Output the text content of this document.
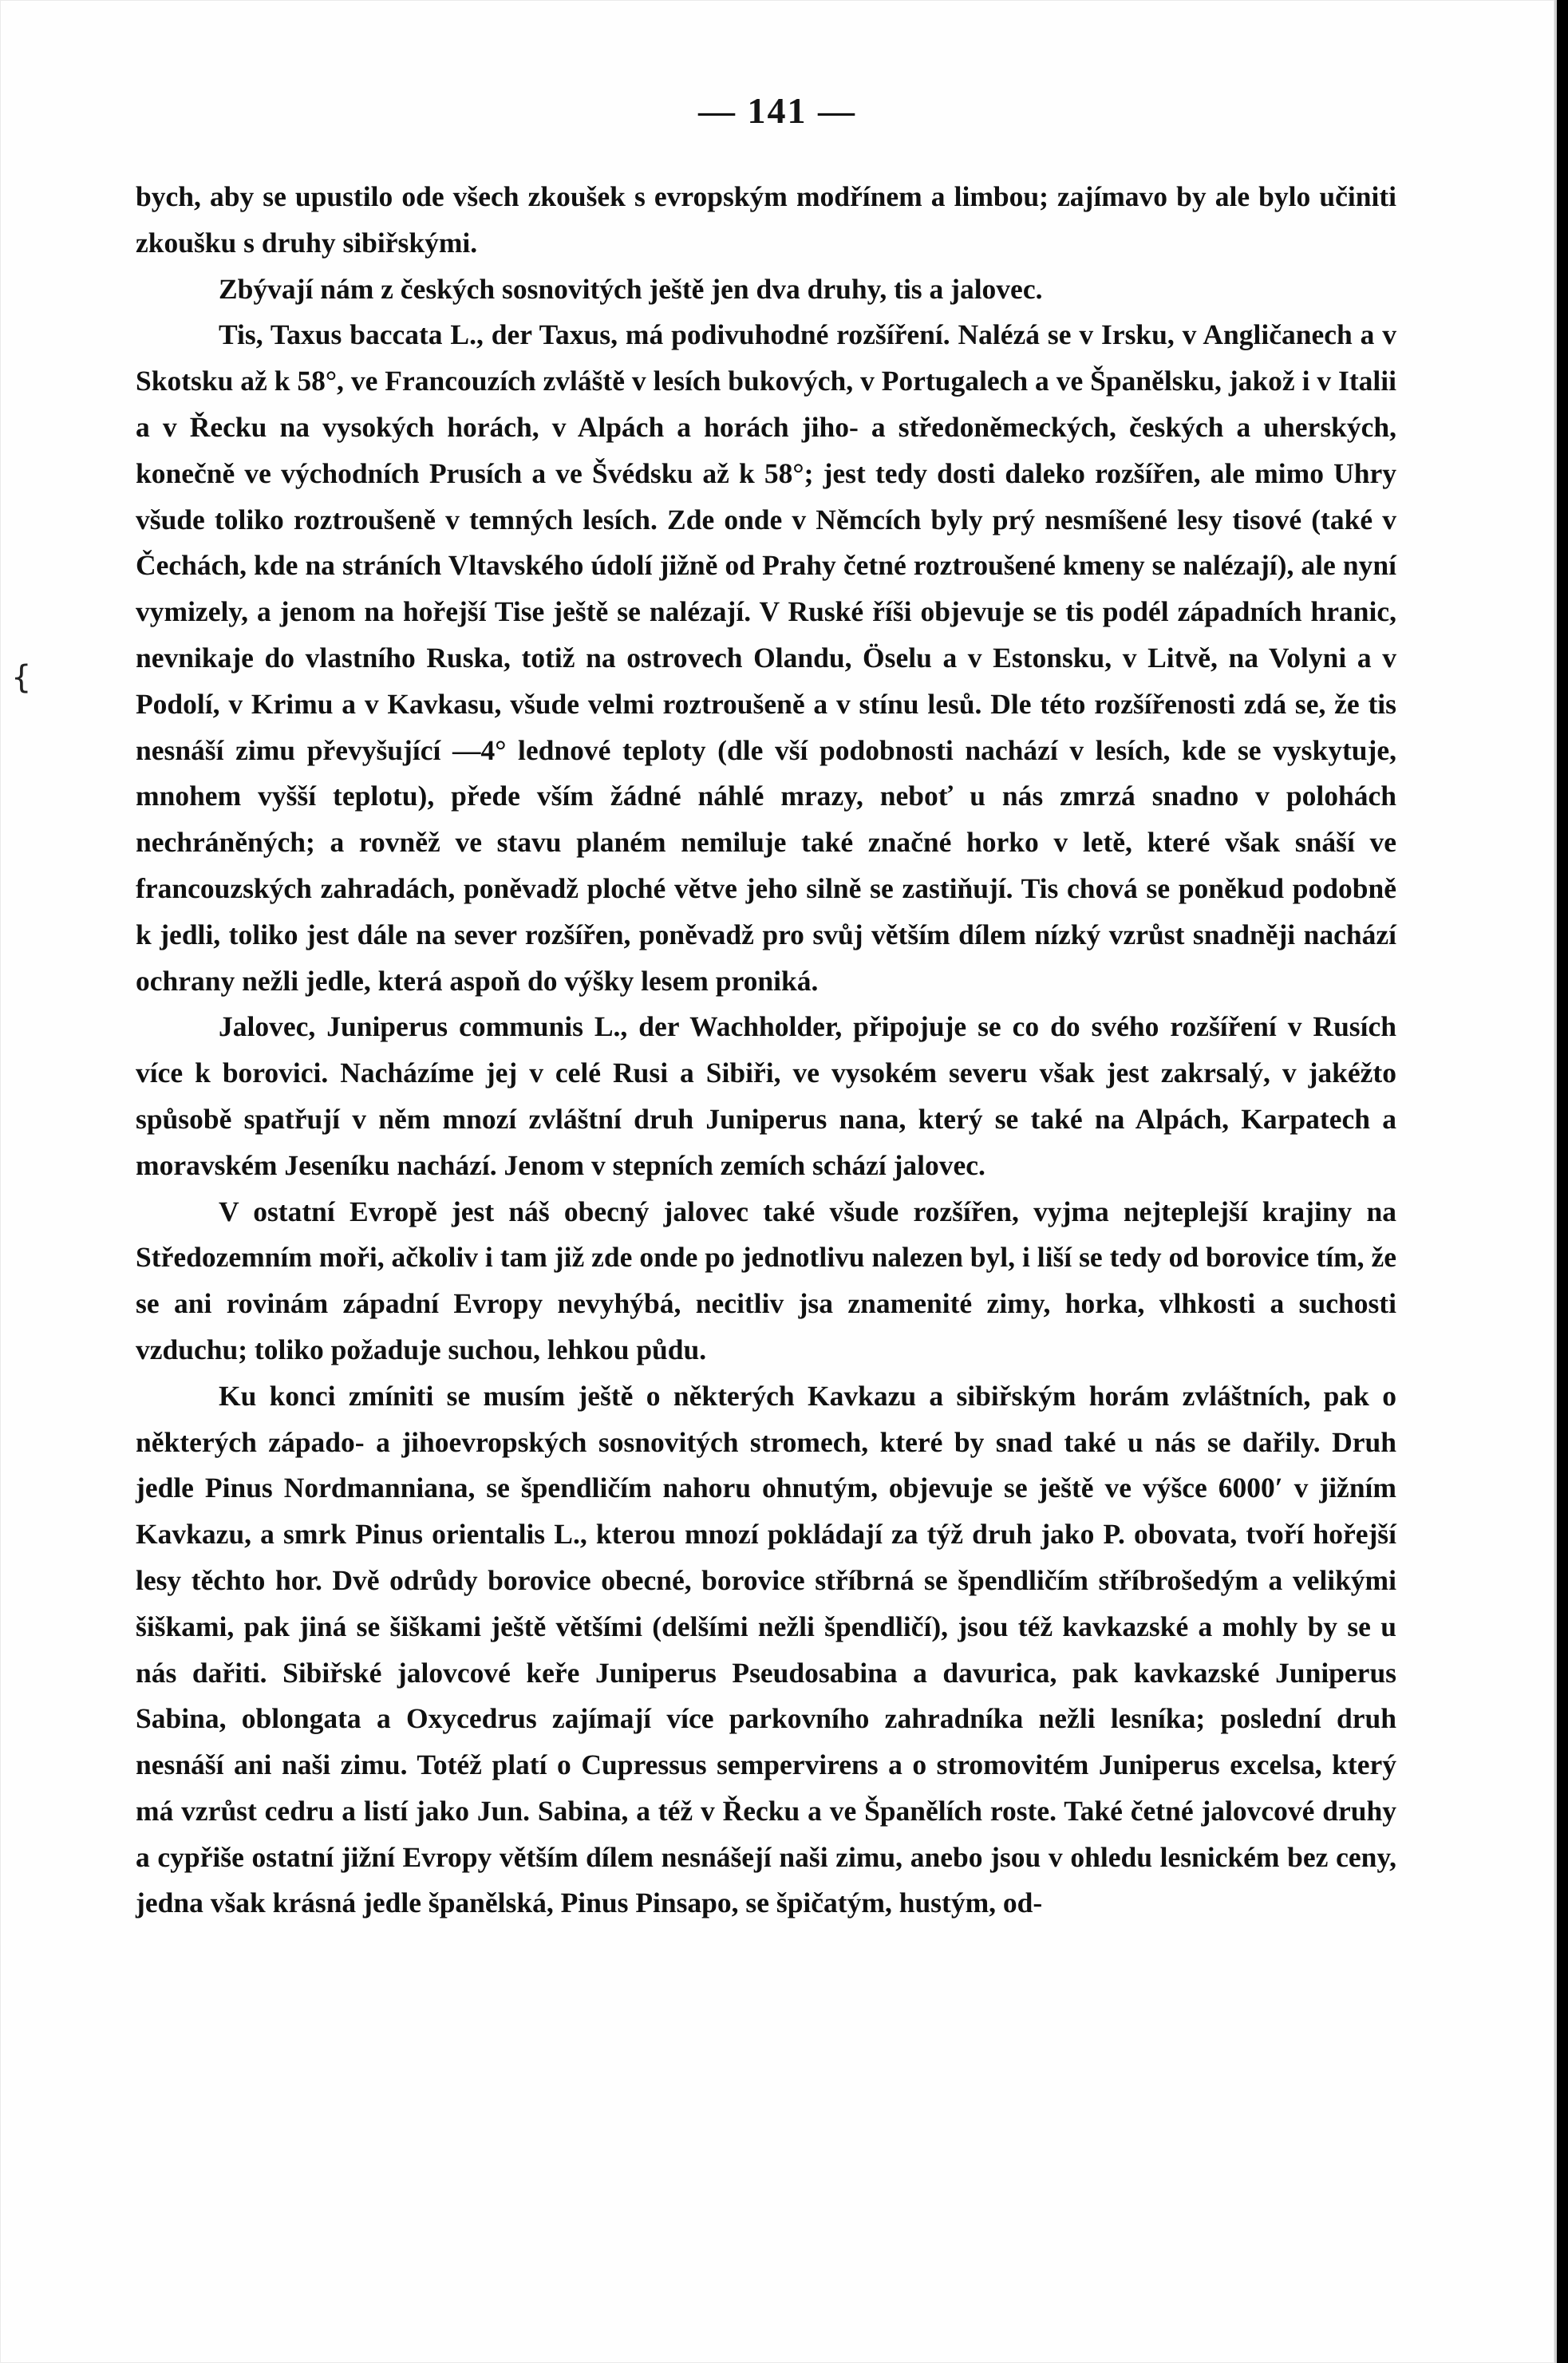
— 141 —
{

bych, aby se upustilo ode všech zkoušek s evropským modřínem a limbou; zajímavo by ale bylo učiniti zkoušku s druhy sibiřskými.

Zbývají nám z českých sosnovitých ještě jen dva druhy, tis a jalovec.

Tis, Taxus baccata L., der Taxus, má podivuhodné rozšíření. Nalézá se v Irsku, v Angličanech a v Skotsku až k 58°, ve Francouzích zvláště v lesích bukových, v Portugalech a ve Španělsku, jakož i v Italii a v Řecku na vysokých horách, v Alpách a horách jiho- a středoněmeckých, českých a uherských, konečně ve východních Prusích a ve Švédsku až k 58°; jest tedy dosti daleko rozšířen, ale mimo Uhry všude toliko roztroušeně v temných lesích. Zde onde v Němcích byly prý nesmíšené lesy tisové (také v Čechách, kde na stráních Vltavského údolí jižně od Prahy četné roztroušené kmeny se nalézají), ale nyní vymizely, a jenom na hořejší Tise ještě se nalézají. V Ruské říši objevuje se tis podél západních hranic, nevnikaje do vlastního Ruska, totiž na ostrovech Olandu, Öselu a v Estonsku, v Litvě, na Volyni a v Podolí, v Krimu a v Kavkasu, všude velmi roztroušeně a v stínu lesů. Dle této rozšířenosti zdá se, že tis nesnáší zimu převyšující —4° lednové teploty (dle vší podobnosti nachází v lesích, kde se vyskytuje, mnohem vyšší teplotu), přede vším žádné náhlé mrazy, neboť u nás zmrzá snadno v polohách nechráněných; a rovněž ve stavu planém nemiluje také značné horko v letě, které však snáší ve francouzských zahradách, poněvadž ploché větve jeho silně se zastiňují. Tis chová se poněkud podobně k jedli, toliko jest dále na sever rozšířen, poněvadž pro svůj větším dílem nízký vzrůst snadněji nachází ochrany nežli jedle, která aspoň do výšky lesem proniká.

Jalovec, Juniperus communis L., der Wachholder, připojuje se co do svého rozšíření v Rusích více k borovici. Nacházíme jej v celé Rusi a Sibiři, ve vysokém severu však jest zakrsalý, v jakéžto spůsobě spatřují v něm mnozí zvláštní druh Juniperus nana, který se také na Alpách, Karpatech a moravském Jeseníku nachází. Jenom v stepních zemích schází jalovec.

V ostatní Evropě jest náš obecný jalovec také všude rozšířen, vyjma nejteplejší krajiny na Středozemním moři, ačkoliv i tam již zde onde po jednotlivu nalezen byl, i liší se tedy od borovice tím, že se ani rovinám západní Evropy nevyhýbá, necitliv jsa znamenité zimy, horka, vlhkosti a suchosti vzduchu; toliko požaduje suchou, lehkou půdu.

Ku konci zmíniti se musím ještě o některých Kavkazu a sibiřským horám zvláštních, pak o některých západo- a jihoevropských sosnovitých stromech, které by snad také u nás se dařily. Druh jedle Pinus Nordmanniana, se špendličím nahoru ohnutým, objevuje se ještě ve výšce 6000′ v jižním Kavkazu, a smrk Pinus orientalis L., kterou mnozí pokládají za týž druh jako P. obovata, tvoří hořejší lesy těchto hor. Dvě odrůdy borovice obecné, borovice stříbrná se špendličím stříbrošedým a velikými šiškami, pak jiná se šiškami ještě většími (delšími nežli špendličí), jsou též kavkazské a mohly by se u nás dařiti. Sibiřské jalovcové keře Juniperus Pseudosabina a davurica, pak kavkazské Juniperus Sabina, oblongata a Oxycedrus zajímají více parkovního zahradníka nežli lesníka; poslední druh nesnáší ani naši zimu. Totéž platí o Cupressus sempervirens a o stromovitém Juniperus excelsa, který má vzrůst cedru a listí jako Jun. Sabina, a též v Řecku a ve Španělích roste. Také četné jalovcové druhy a cypřiše ostatní jižní Evropy větším dílem nesnášejí naši zimu, anebo jsou v ohledu lesnickém bez ceny, jedna však krásná jedle španělská, Pinus Pinsapo, se špičatým, hustým, od-
